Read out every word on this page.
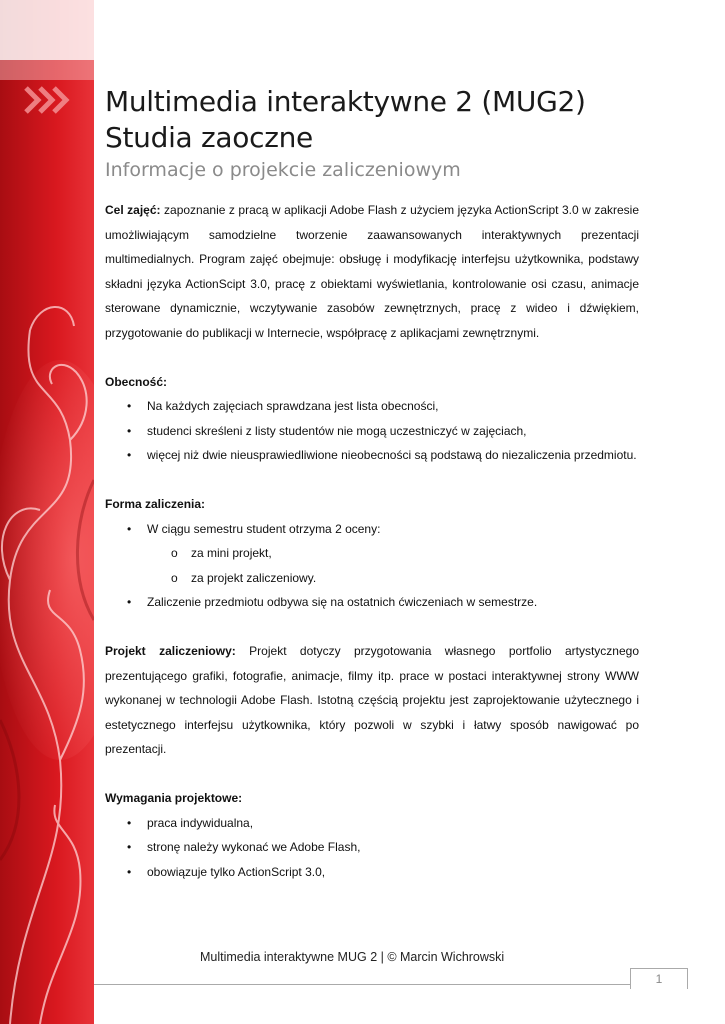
Multimedia interaktywne 2 (MUG2)
Studia zaoczne
Informacje o projekcie zaliczeniowym

Cel zajęć: zapoznanie z pracą w aplikacji Adobe Flash z użyciem języka ActionScript 3.0 w zakresie umożliwiającym samodzielne tworzenie zaawansowanych interaktywnych prezentacji multimedialnych. Program zajęć obejmuje: obsługę i modyfikację interfejsu użytkownika, podstawy składni języka ActionScipt 3.0, pracę z obiektami wyświetlania, kontrolowanie osi czasu, animacje sterowane dynamicznie, wczytywanie zasobów zewnętrznych, pracę z wideo i dźwiękiem, przygotowanie do publikacji w Internecie, współpracę z aplikacjami zewnętrznymi.

Obecność:

• Na każdych zajęciach sprawdzana jest lista obecności,
• studenci skreśleni z listy studentów nie mogą uczestniczyć w zajęciach,
• więcej niż dwie nieusprawiedliwione nieobecności są podstawą do niezaliczenia przedmiotu.

Forma zaliczenia:

• W ciągu semestru student otrzyma 2 oceny:
o za mini projekt,
o za projekt zaliczeniowy.
• Zaliczenie przedmiotu odbywa się na ostatnich ćwiczeniach w semestrze.

Projekt zaliczeniowy: Projekt dotyczy przygotowania własnego portfolio artystycznego prezentującego grafiki, fotografie, animacje, filmy itp. prace w postaci interaktywnej strony WWW wykonanej w technologii Adobe Flash. Istotną częścią projektu jest zaprojektowanie użytecznego i estetycznego interfejsu użytkownika, który pozwoli w szybki i łatwy sposób nawigować po prezentacji.

Wymagania projektowe:

• praca indywidualna,
• stronę należy wykonać we Adobe Flash,
• obowiązuje tylko ActionScript 3.0,
Multimedia interaktywne MUG 2 | © Marcin Wichrowski
1
